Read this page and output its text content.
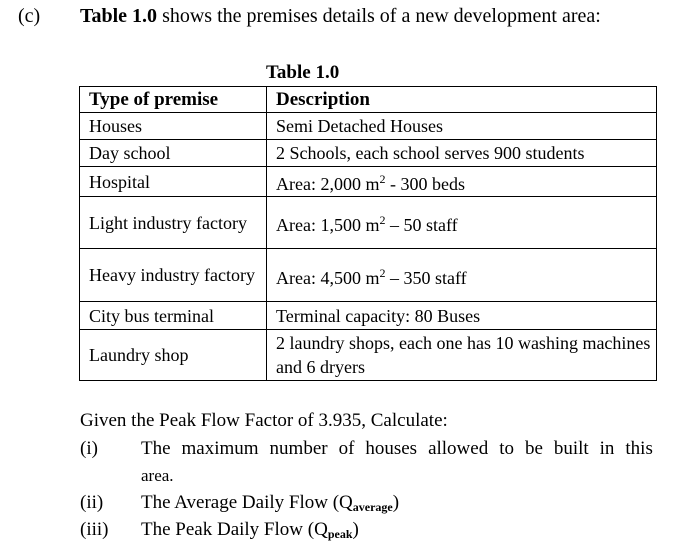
(c) Table 1.0 shows the premises details of a new development area:
Table 1.0
Type of premise	Description
Houses	Semi Detached Houses
Day school	2 Schools, each school serves 900 students
Hospital	Area: 2,000 $m^2 - 300$ beds
Light industry factory	Area: 1,500 $m^2 - 50$ staff
Heavy industry factory	Area: 4,500 $m^2 - 350$ staff
City bus terminal	Terminal capacity: 80 Buses
Laundry shop	2 laundry shops, each one has 10 washing machines and 6 dryers
Given the Peak Flow Factor of 3.935, Calculate:
(i) The maximum number of houses allowed to be built in this
area.
(ii) The Average Daily Flow $(Q_{average})$
(iii) The Peak Daily Flow $(Q_{peak})$
